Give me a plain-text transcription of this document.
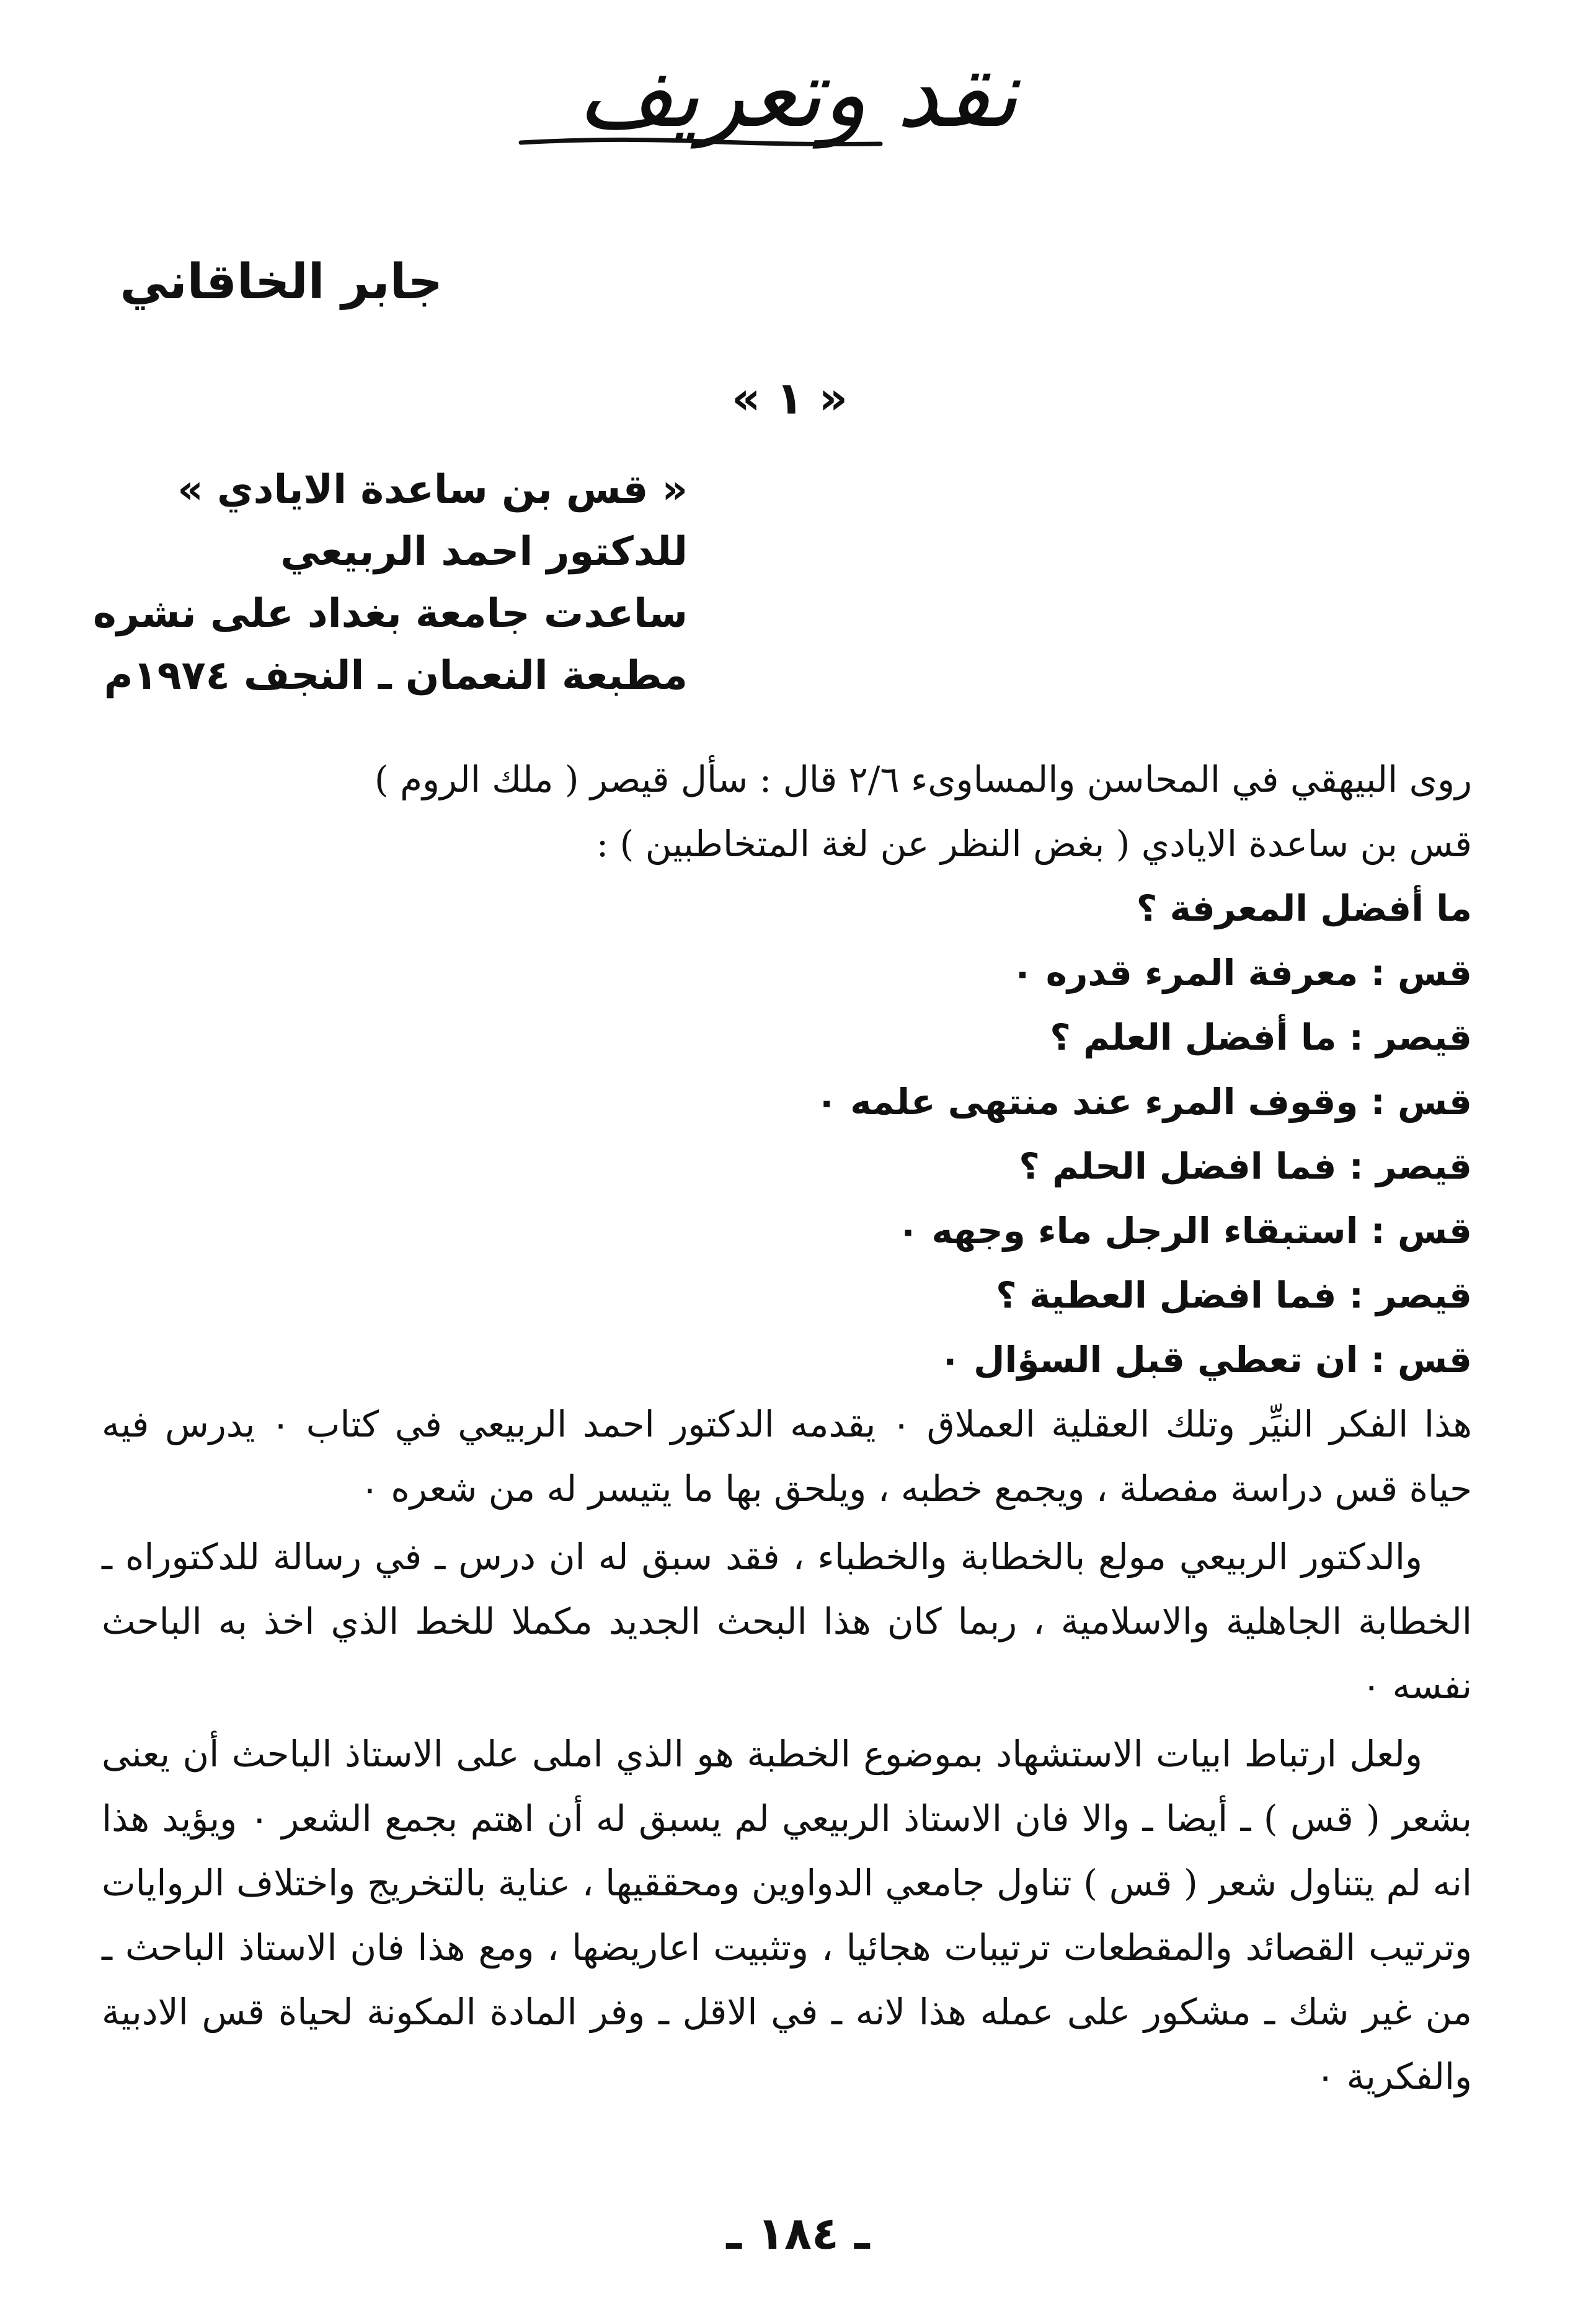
نقد وتعريف
جابر الخاقاني
« ١ »
« قس بن ساعدة الايادي »
للدكتور احمد الربيعي
ساعدت جامعة بغداد على نشره
مطبعة النعمان ـ النجف ١٩٧٤م
روى البيهقي في المحاسن والمساوىء ٢/٦ قال : سأل قيصر ( ملك الروم )
قس بن ساعدة الايادي ( بغض النظر عن لغة المتخاطبين ) :
ما أفضل المعرفة ؟
قس : معرفة المرء قدره ٠
قيصر : ما أفضل العلم ؟
قس : وقوف المرء عند منتهى علمه ٠
قيصر : فما افضل الحلم ؟
قس : استبقاء الرجل ماء وجهه ٠
قيصر : فما افضل العطية ؟
قس : ان تعطي قبل السؤال ٠

هذا الفكر النيِّر وتلك العقلية العملاق ٠ يقدمه الدكتور احمد الربيعي في كتاب ٠ يدرس فيه حياة قس دراسة مفصلة ، ويجمع خطبه ، ويلحق بها ما يتيسر له من شعره ٠

والدكتور الربيعي مولع بالخطابة والخطباء ، فقد سبق له ان درس ـ في رسالة للدكتوراه ـ الخطابة الجاهلية والاسلامية ، ربما كان هذا البحث الجديد مكملا للخط الذي اخذ به الباحث نفسه ٠

ولعل ارتباط ابيات الاستشهاد بموضوع الخطبة هو الذي املى على الاستاذ الباحث أن يعنى بشعر ( قس ) ـ أيضا ـ والا فان الاستاذ الربيعي لم يسبق له أن اهتم بجمع الشعر ٠ ويؤيد هذا انه لم يتناول شعر ( قس ) تناول جامعي الدواوين ومحققيها ، عناية بالتخريج واختلاف الروايات وترتيب القصائد والمقطعات ترتيبات هجائيا ، وتثبيت اعاريضها ، ومع هذا فان الاستاذ الباحث ـ من غير شك ـ مشكور على عمله هذا لانه ـ في الاقل ـ وفر المادة المكونة لحياة قس الادبية والفكرية ٠

ـ ١٨٤ ـ
